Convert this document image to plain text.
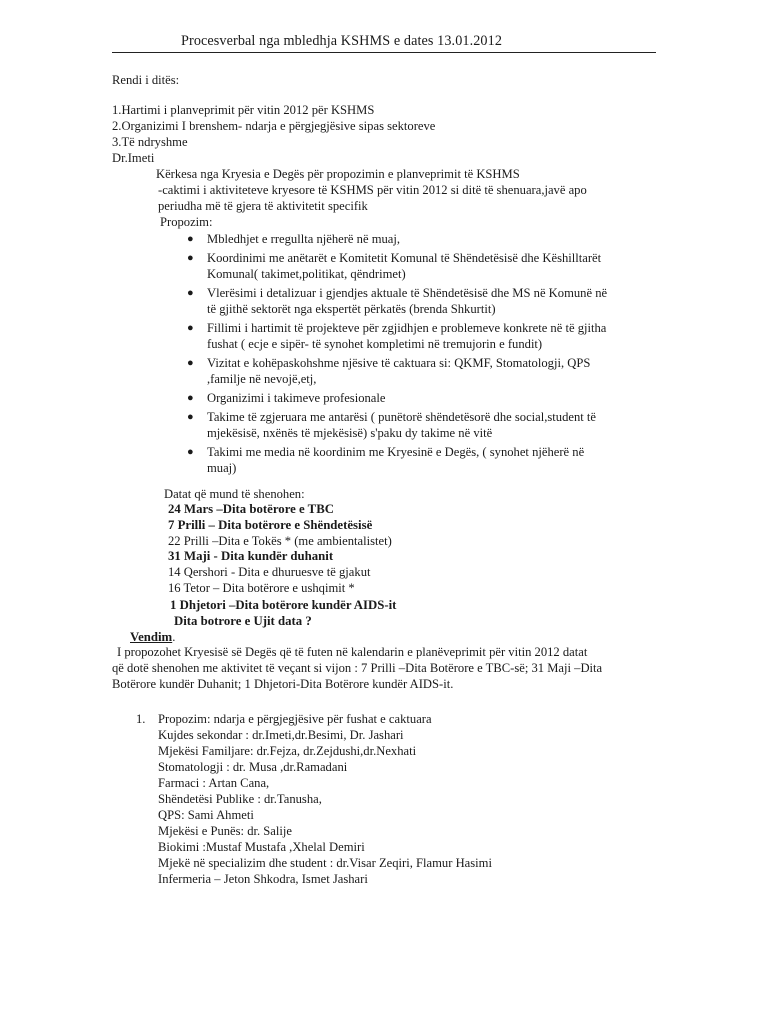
Procesverbal nga mbledhja KSHMS e dates 13.01.2012
Rendi i ditës:
1.Hartimi i planveprimit për vitin 2012 për KSHMS
2.Organizimi I brenshem- ndarja e përgjegjësive sipas sektoreve
3.Të ndryshme
Dr.Imeti
Kërkesa nga Kryesia e Degës për propozimin e planveprimit të KSHMS
-caktimi i aktiviteteve kryesore të KSHMS për vitin 2012 si ditë të shenuara,javë apo
periudha më të gjera të aktivitetit specifik
Propozim:
● Mbledhjet e rregullta njëherë në muaj,
● Koordinimi me anëtarët e Komitetit Komunal të Shëndetësisë dhe Këshilltarët
Komunal( takimet,politikat, qëndrimet)
● Vlerësimi i detalizuar i gjendjes aktuale të Shëndetësisë dhe MS në Komunë në
të gjithë sektorët nga ekspertët përkatës (brenda Shkurtit)
● Fillimi i hartimit të projekteve për zgjidhjen e problemeve konkrete në të gjitha
fushat ( ecje e sipër- të synohet kompletimi në tremujorin e fundit)
● Vizitat e kohëpaskohshme njësive të caktuara si: QKMF, Stomatologji, QPS
,familje në nevojë,etj,
● Organizimi i takimeve profesionale
● Takime të zgjeruara me antarësi ( punëtorë shëndetësorë dhe social,student të
mjekësisë, nxënës të mjekësisë) s'paku dy takime në vitë
● Takimi me media në koordinim me Kryesinë e Degës, ( synohet njëherë në
muaj)
Datat që mund të shenohen:
24 Mars –Dita botërore e TBC
7 Prilli – Dita botërore e Shëndetësisë
22 Prilli –Dita e Tokës * (me ambientalistet)
31 Maji - Dita kundër duhanit
14 Qershori - Dita e dhuruesve të gjakut
16 Tetor – Dita botërore e ushqimit *
1 Dhjetori –Dita botërore kundër AIDS-it
Dita botrore e Ujit data ?
Vendim.
I propozohet Kryesisë së Degës që të futen në kalendarin e planëveprimit për vitin 2012 datat
që dotë shenohen me aktivitet të veçant si vijon : 7 Prilli –Dita Botërore e TBC-së; 31 Maji –Dita
Botërore kundër Duhanit; 1 Dhjetori-Dita Botërore kundër AIDS-it.
1. Propozim: ndarja e përgjegjësive për fushat e caktuara
Kujdes sekondar : dr.Imeti,dr.Besimi, Dr. Jashari
Mjekësi Familjare: dr.Fejza, dr.Zejdushi,dr.Nexhati
Stomatologji : dr. Musa ,dr.Ramadani
Farmaci : Artan Cana,
Shëndetësi Publike : dr.Tanusha,
QPS: Sami Ahmeti
Mjekësi e Punës: dr. Salije
Biokimi :Mustaf Mustafa ,Xhelal Demiri
Mjekë në specializim dhe student : dr.Visar Zeqiri, Flamur Hasimi
Infermeria – Jeton Shkodra, Ismet Jashari
